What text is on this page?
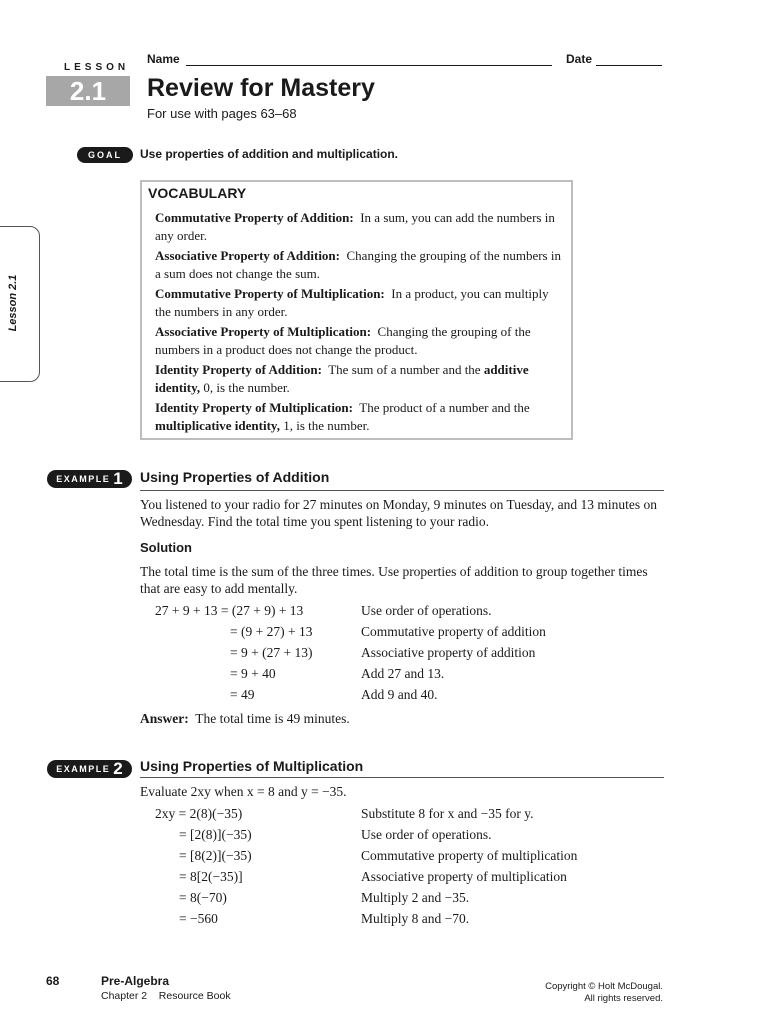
LESSON
2.1
Name	Date
Review for Mastery
For use with pages 63–68
GOAL	Use properties of addition and multiplication.
Lesson 2.1
VOCABULARY
Commutative Property of Addition: In a sum, you can add the numbers in any order.
Associative Property of Addition: Changing the grouping of the numbers in a sum does not change the sum.
Commutative Property of Multiplication: In a product, you can multiply the numbers in any order.
Associative Property of Multiplication: Changing the grouping of the numbers in a product does not change the product.
Identity Property of Addition: The sum of a number and the additive identity, 0, is the number.
Identity Property of Multiplication: The product of a number and the multiplicative identity, 1, is the number.
EXAMPLE 1 Using Properties of Addition
You listened to your radio for 27 minutes on Monday, 9 minutes on Tuesday, and 13 minutes on Wednesday. Find the total time you spent listening to your radio.
Solution
The total time is the sum of the three times. Use properties of addition to group together times that are easy to add mentally.
27 + 9 + 13 = (27 + 9) + 13	Use order of operations.
= (9 + 27) + 13	Commutative property of addition
= 9 + (27 + 13)	Associative property of addition
= 9 + 40	Add 27 and 13.
= 49	Add 9 and 40.
Answer: The total time is 49 minutes.
EXAMPLE 2 Using Properties of Multiplication
Evaluate 2xy when x = 8 and y = −35.
2xy = 2(8)(−35)	Substitute 8 for x and −35 for y.
= [2(8)](−35)	Use order of operations.
= [8(2)](−35)	Commutative property of multiplication
= 8[2(−35)]	Associative property of multiplication
= 8(−70)	Multiply 2 and −35.
= −560	Multiply 8 and −70.
68	Pre-Algebra
Chapter 2    Resource Book
Copyright © Holt McDougal.
All rights reserved.
